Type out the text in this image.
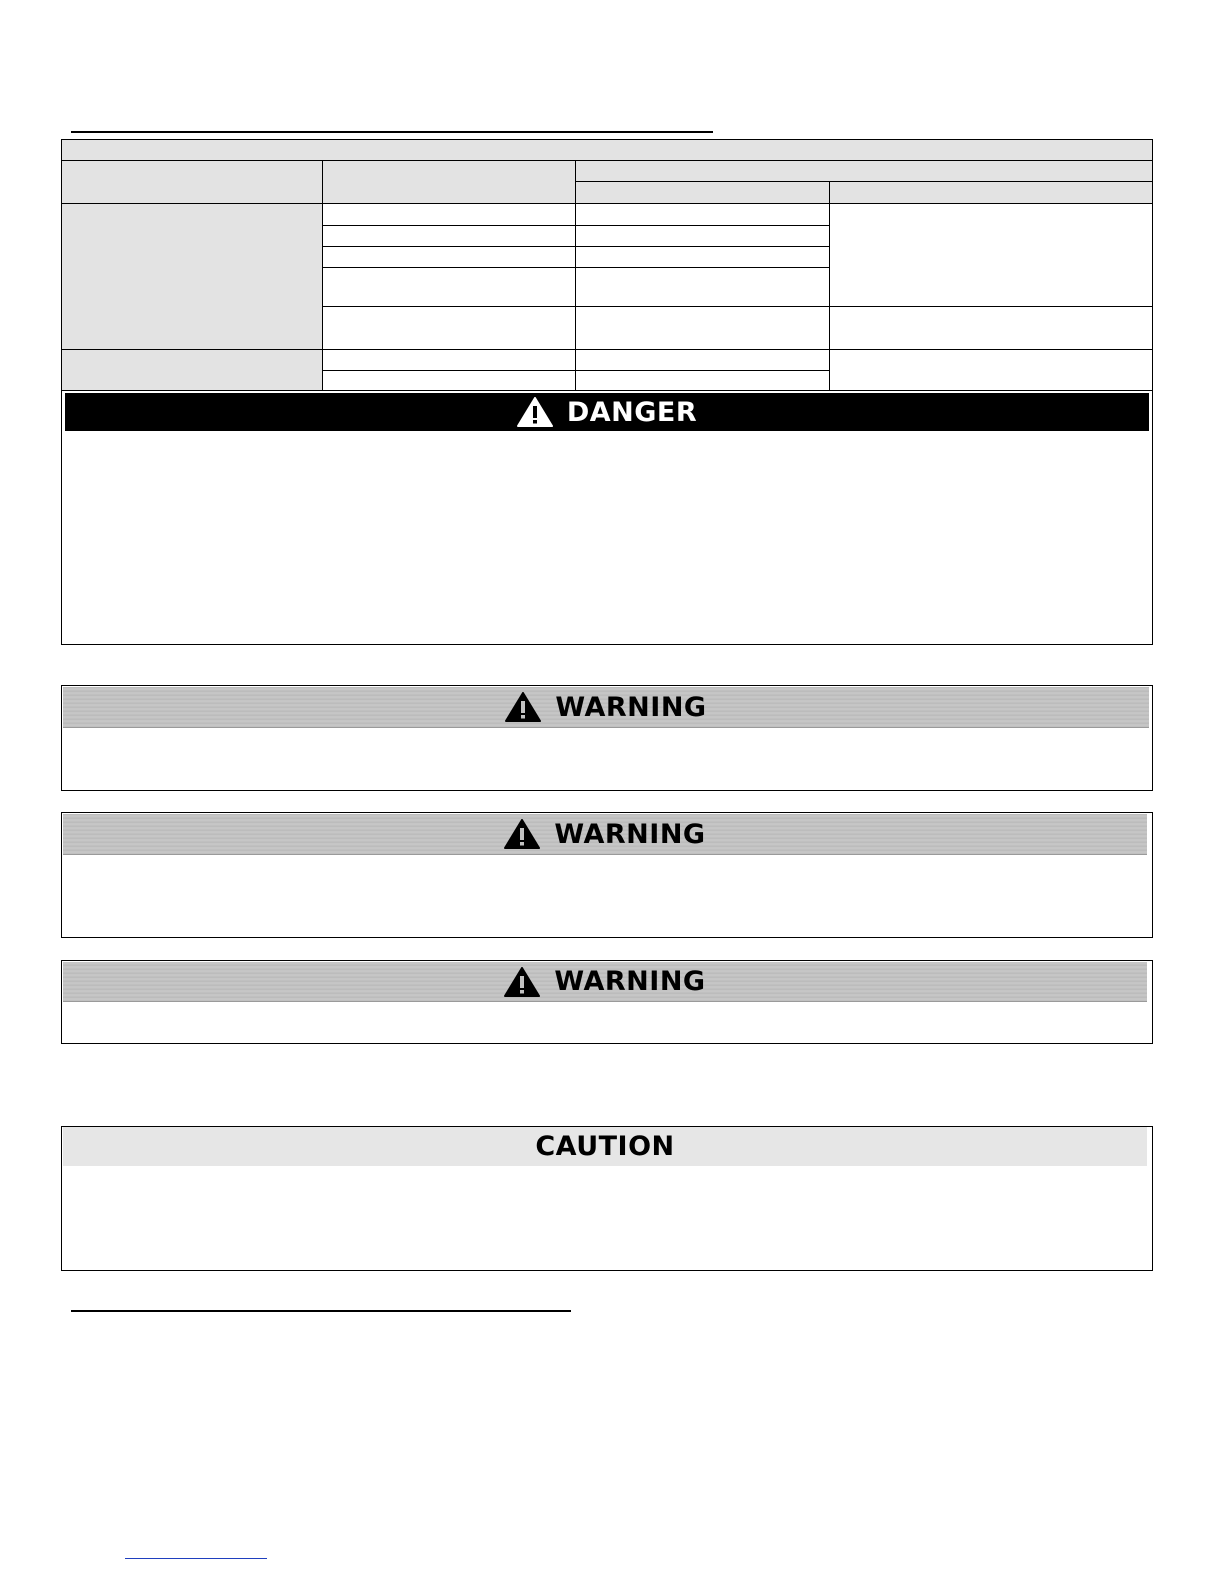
DANGER
WARNING
WARNING
WARNING
CAUTION
